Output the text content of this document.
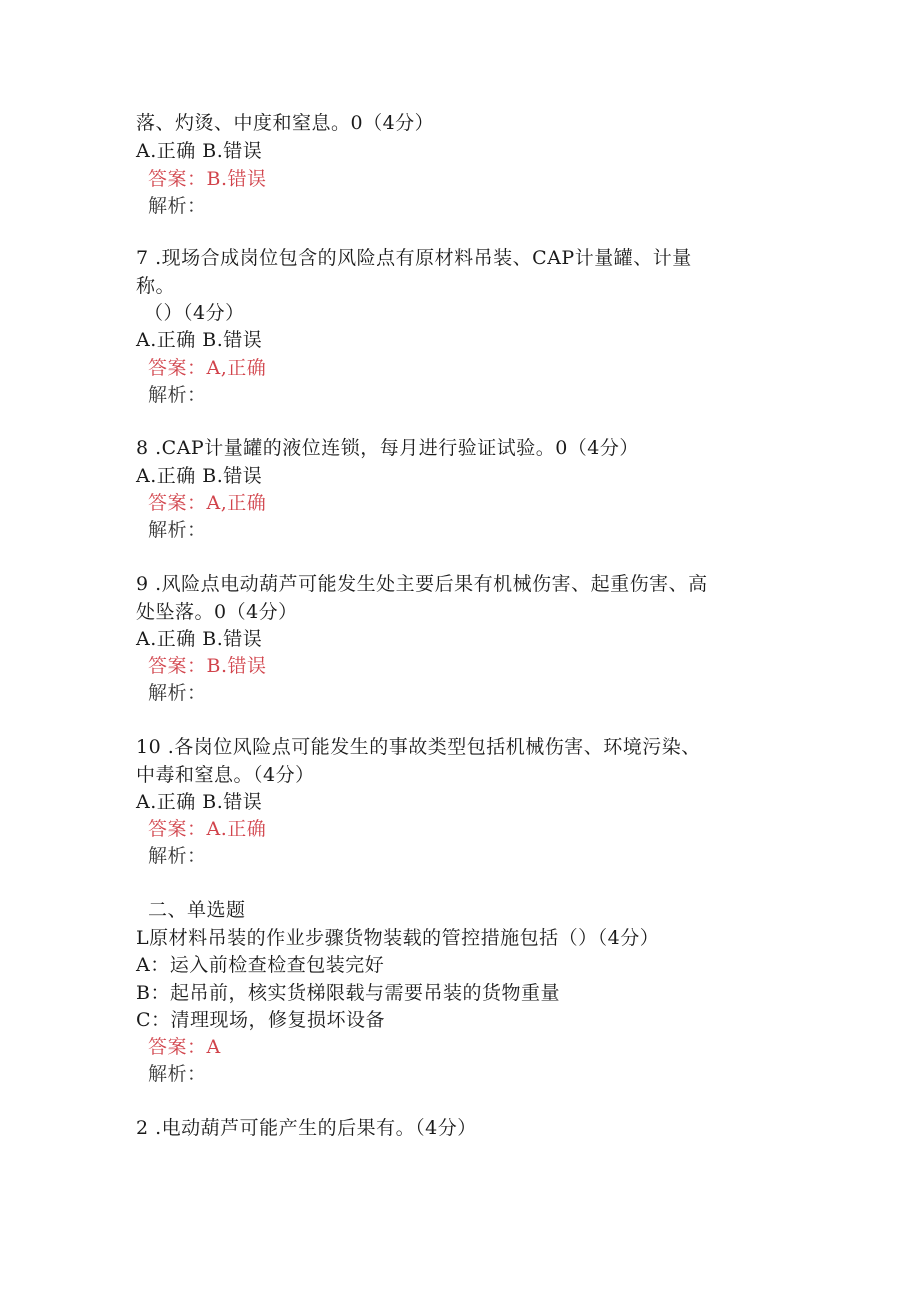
落、灼烫、中度和窒息。0（4分）
A.正确 B.错误
答案：B.错误
解析：
7 .现场合成岗位包含的风险点有原材料吊装、CAP计量罐、计量
称。
（）（4分）
A.正确 B.错误
答案：A,正确
解析：
8 .CAP计量罐的液位连锁，每月进行验证试验。0（4分）
A.正确 B.错误
答案：A,正确
解析：
9 .风险点电动葫芦可能发生处主要后果有机械伤害、起重伤害、高
处坠落。0（4分）
A.正确 B.错误
答案：B.错误
解析：
10 .各岗位风险点可能发生的事故类型包括机械伤害、环境污染、
中毒和窒息。（4分）
A.正确 B.错误
答案：A.正确
解析：
二、单选题
L原材料吊装的作业步骤货物装载的管控措施包括（）（4分）
A：运入前检查检查包装完好
B：起吊前，核实货梯限载与需要吊装的货物重量
C：清理现场，修复损坏设备
答案：A
解析：
2 .电动葫芦可能产生的后果有。（4分）
